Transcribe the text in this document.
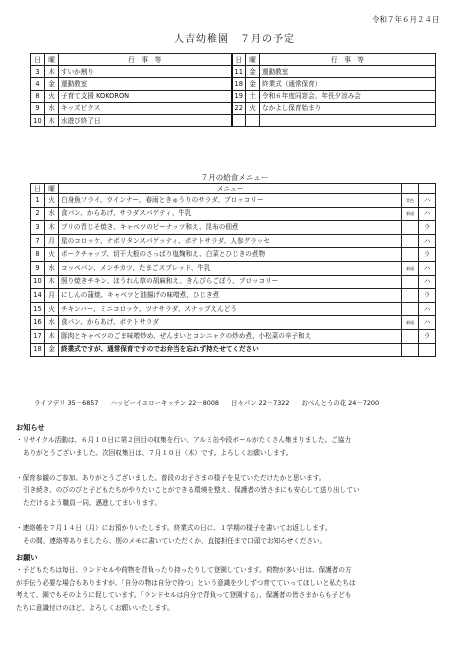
令和７年６月２４日
人吉幼稚園　７月の予定
日	曜	行　事　等	日	曜	行　事　等
3	木	すいか割り	11	金	運動教室
4	金	運動教室	18	金	終業式（通常保育）
8	火	子育て支援 KOKORON	19	土	令和６年度同窓会、年長夕涼み会
9	水	キッズピクス	22	火	なかよし保育始まり
10	木	水遊び終了日			
７月の給食メニュー
日	曜	メニュー		
1	火	白身魚フライ、ウインナー、春雨ときゅうりのサラダ、ブロッコリー	青色	ハ
2	水	食パン、からあげ、サラダスパゲティ、牛乳	新規	ハ
3	木	ブリの青じそ焼き、キャベツのピーナッツ和え、昆布の佃煮		ラ
7	月	星のコロッケ、ナポリタンスパゲッティ、ポテトサラダ、人参グラッセ		ハ
8	火	ポークチャップ、切干大根のさっぱり塩麹和え、白菜とひじきの煮物		ラ
9	水	コッペパン、メンチカツ、たまごスプレッド、牛乳	新規	ハ
10	木	照り焼きチキン、ほうれん草の胡麻和え、きんぴらごぼう、ブロッコリー		ハ
14	月	にしんの蒲焼、キャベツと油揚げの味噌煮、ひじき煮		ラ
15	火	チキンバー、ミニコロッケ、ツナサラダ、スナップえんどう		ハ
16	水	食パン、からあげ、ポテトサラダ	新規	ハ
17	木	豚肉とキャベツのごま味噌炒め、ぜんまいとコンニャクの炒め煮、小松菜の辛子和え		ラ
18	金	終業式ですが、通常保育ですのでお弁当を忘れず持たせてください		
ライフデリ 35－6857 ハッピーイエローキッチン 22－8008 日々パン 22－7322 おべんとうの花 24－7200
お知らせ

・リサイクル活動は、６月１０日に第２回目の収集を行い、アルミ缶や段ボールがたくさん集まりました。ご協力

ありがとうございました。次回収集日は、７月１０日（木）です。よろしくお願いします。

・保育参観のご参加、ありがとうございました。普段のお子さまの様子を見ていただけたかと思います。

引き続き、のびのびと子どもたちがやりたいことができる環境を整え、保護者の皆さまにも安心して送り出してい

ただけるよう職員一同、邁進してまいります。

・連絡帳を７月１４日（月）にお預かりいたします。終業式の日に、１学期の様子を書いてお返しします。

その間、連絡等ありましたら、別のメモに書いていただくか、直接担任まで口頭でお知らせください。

お願い

・子どもたちは毎日、ランドセルや荷物を背負ったり持ったりして登園しています。荷物が多い日は、保護者の方

が手伝う必要な場合もありますが、「自分の物は自分で持つ」という意識を少しずつ育てていってほしいと私たちは

考えて、園でもそのように促しています。「ランドセルは自分で背負って登園する」、保護者の皆さまからも子ども

たちに意識付けのほど、よろしくお願いいたします。
